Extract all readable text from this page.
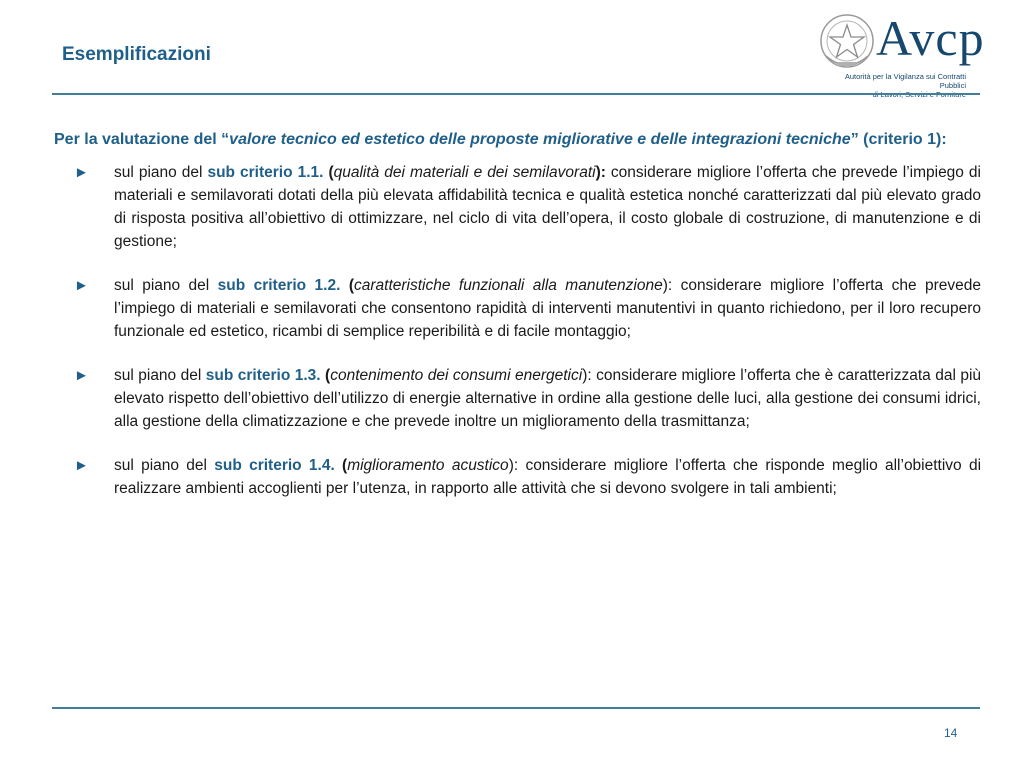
Esemplificazioni	Avcp
Autorità per la Vigilanza sui Contratti Pubblici

Per la valutazione del “valore tecnico ed estetico delle proposte migliorative e delle integrazioni tecniche” (criterio 1):

► sul piano del sub criterio 1.1. (qualità dei materiali e dei semilavorati): considerare migliore l’offerta che prevede l’impiego di materiali e semilavorati dotati della più elevata affidabilità tecnica e qualità estetica nonché caratterizzati dal più elevato grado di risposta positiva all’obiettivo di ottimizzare, nel ciclo di vita dell’opera, il costo globale di costruzione, di manutenzione e di gestione;
► sul piano del sub criterio 1.2. (caratteristiche funzionali alla manutenzione): considerare migliore l’offerta che prevede l’impiego di materiali e semilavorati che consentono rapidità di interventi manutentivi in quanto richiedono, per il loro recupero funzionale ed estetico, ricambi di semplice reperibilità e di facile montaggio;
► sul piano del sub criterio 1.3. (contenimento dei consumi energetici): considerare migliore l’offerta che è caratterizzata dal più elevato rispetto dell’obiettivo dell’utilizzo di energie alternative in ordine alla gestione delle luci, alla gestione dei consumi idrici, alla gestione della climatizzazione e che prevede inoltre un miglioramento della trasmittanza;
► sul piano del sub criterio 1.4. (miglioramento acustico): considerare migliore l’offerta che risponde meglio all’obiettivo di realizzare ambienti accoglienti per l’utenza, in rapporto alle attività che si devono svolgere in tali ambienti;
14
